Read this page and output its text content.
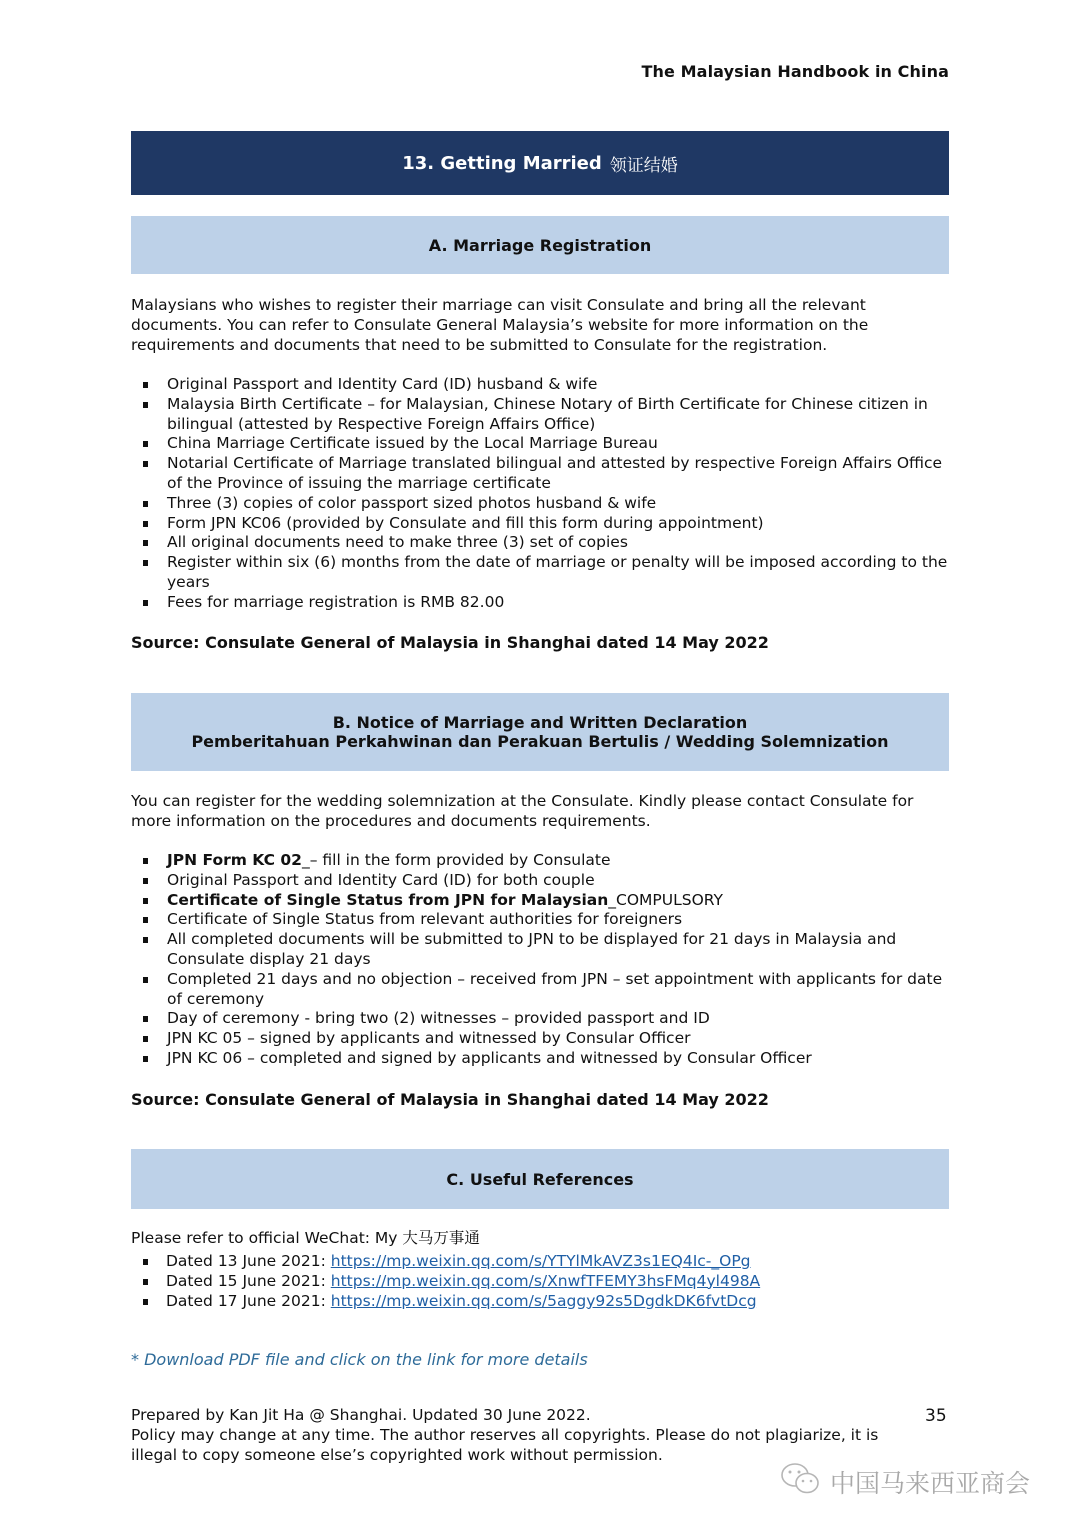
The Malaysian Handbook in China
13. Getting Married 领证结婚
A. Marriage Registration
Malaysians who wishes to register their marriage can visit Consulate and bring all the relevant documents. You can refer to Consulate General Malaysia’s website for more information on the requirements and documents that need to be submitted to Consulate for the registration.
Original Passport and Identity Card (ID) husband & wife
Malaysia Birth Certificate – for Malaysian, Chinese Notary of Birth Certificate for Chinese citizen in bilingual (attested by Respective Foreign Affairs Office)
China Marriage Certificate issued by the Local Marriage Bureau
Notarial Certificate of Marriage translated bilingual and attested by respective Foreign Affairs Office of the Province of issuing the marriage certificate
Three (3) copies of color passport sized photos husband & wife
Form JPN KC06 (provided by Consulate and fill this form during appointment)
All original documents need to make three (3) set of copies
Register within six (6) months from the date of marriage or penalty will be imposed according to the years
Fees for marriage registration is RMB 82.00
Source: Consulate General of Malaysia in Shanghai dated 14 May 2022
B. Notice of Marriage and Written Declaration
Pemberitahuan Perkahwinan dan Perakuan Bertulis / Wedding Solemnization
You can register for the wedding solemnization at the Consulate. Kindly please contact Consulate for more information on the procedures and documents requirements.
JPN Form KC 02_– fill in the form provided by Consulate
Original Passport and Identity Card (ID) for both couple
Certificate of Single Status from JPN for Malaysian_COMPULSORY
Certificate of Single Status from relevant authorities for foreigners
All completed documents will be submitted to JPN to be displayed for 21 days in Malaysia and Consulate display 21 days
Completed 21 days and no objection – received from JPN – set appointment with applicants for date of ceremony
Day of ceremony - bring two (2) witnesses – provided passport and ID
JPN KC 05 – signed by applicants and witnessed by Consular Officer
JPN KC 06 – completed and signed by applicants and witnessed by Consular Officer
Source: Consulate General of Malaysia in Shanghai dated 14 May 2022
C. Useful References
Please refer to official WeChat: My 大马万事通
Dated 13 June 2021: https://mp.weixin.qq.com/s/YTYlMkAVZ3s1EQ4Ic-_OPg
Dated 15 June 2021: https://mp.weixin.qq.com/s/XnwfTFEMY3hsFMq4yl498A
Dated 17 June 2021: https://mp.weixin.qq.com/s/5aggy92s5DgdkDK6fvtDcg
* Download PDF file and click on the link for more details
Prepared by Kan Jit Ha @ Shanghai. Updated 30 June 2022.
Policy may change at any time. The author reserves all copyrights. Please do not plagiarize, it is illegal to copy someone else’s copyrighted work without permission.
35
中国马来西亚商会
